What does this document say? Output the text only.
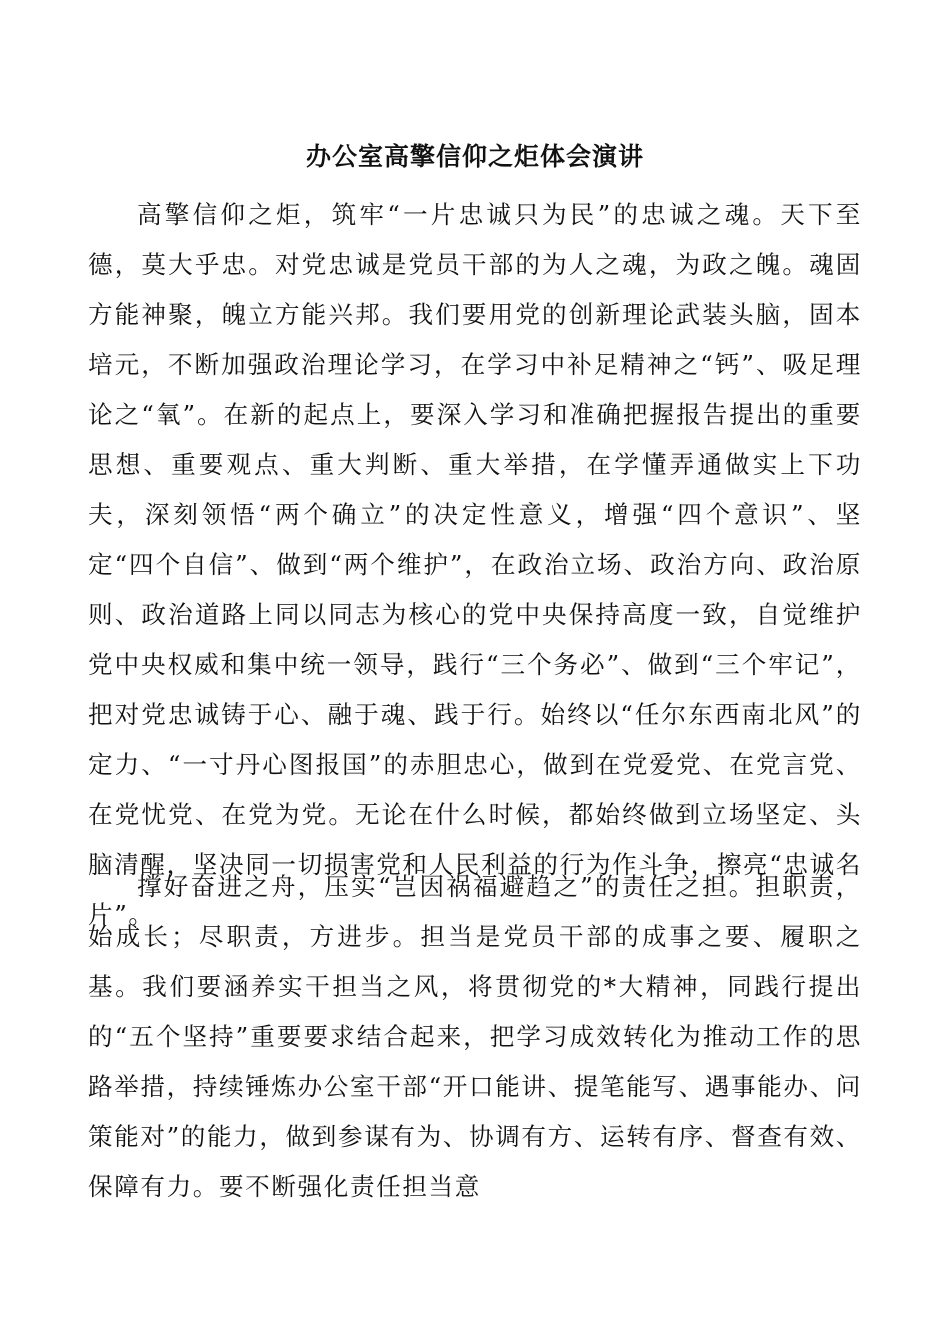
办公室高擎信仰之炬体会演讲

高擎信仰之炬，筑牢“一片忠诚只为民”的忠诚之魂。天下至德，莫大乎忠。对党忠诚是党员干部的为人之魂，为政之魄。魂固方能神聚，魄立方能兴邦。我们要用党的创新理论武装头脑，固本培元，不断加强政治理论学习，在学习中补足精神之“钙”、吸足理论之“氧”。在新的起点上，要深入学习和准确把握报告提出的重要思想、重要观点、重大判断、重大举措，在学懂弄通做实上下功夫，深刻领悟“两个确立”的决定性意义，增强“四个意识”、坚定“四个自信”、做到“两个维护”，在政治立场、政治方向、政治原则、政治道路上同以同志为核心的党中央保持高度一致，自觉维护党中央权威和集中统一领导，践行“三个务必”、做到“三个牢记”，把对党忠诚铸于心、融于魂、践于行。始终以“任尔东西南北风”的定力、“一寸丹心图报国”的赤胆忠心，做到在党爱党、在党言党、在党忧党、在党为党。无论在什么时候，都始终做到立场坚定、头脑清醒，坚决同一切损害党和人民利益的行为作斗争，擦亮“忠诚名片”。

撑好奋进之舟，压实“岂因祸福避趋之”的责任之担。担职责，始成长；尽职责，方进步。担当是党员干部的成事之要、履职之基。我们要涵养实干担当之风，将贯彻党的*大精神，同践行提出的“五个坚持”重要要求结合起来，把学习成效转化为推动工作的思路举措，持续锤炼办公室干部“开口能讲、提笔能写、遇事能办、问策能对”的能力，做到参谋有为、协调有方、运转有序、督查有效、保障有力。要不断强化责任担当意
